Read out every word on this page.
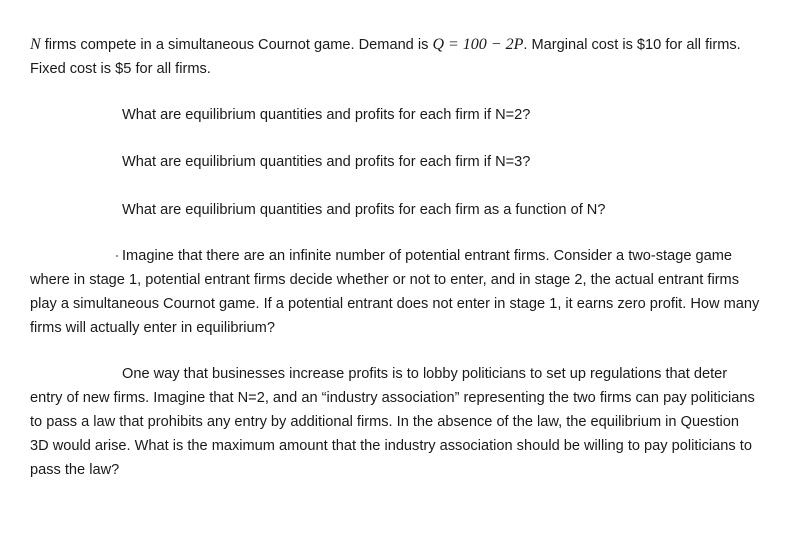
N firms compete in a simultaneous Cournot game. Demand is Q = 100 − 2P. Marginal cost is $10 for all firms. Fixed cost is $5 for all firms.

What are equilibrium quantities and profits for each firm if N=2?

What are equilibrium quantities and profits for each firm if N=3?

What are equilibrium quantities and profits for each firm as a function of N?

Imagine that there are an infinite number of potential entrant firms. Consider a two-stage game where in stage 1, potential entrant firms decide whether or not to enter, and in stage 2, the actual entrant firms play a simultaneous Cournot game. If a potential entrant does not enter in stage 1, it earns zero profit. How many firms will actually enter in equilibrium?

One way that businesses increase profits is to lobby politicians to set up regulations that deter entry of new firms. Imagine that N=2, and an “industry association” representing the two firms can pay politicians to pass a law that prohibits any entry by additional firms. In the absence of the law, the equilibrium in Question 3D would arise. What is the maximum amount that the industry association should be willing to pay politicians to pass the law?
